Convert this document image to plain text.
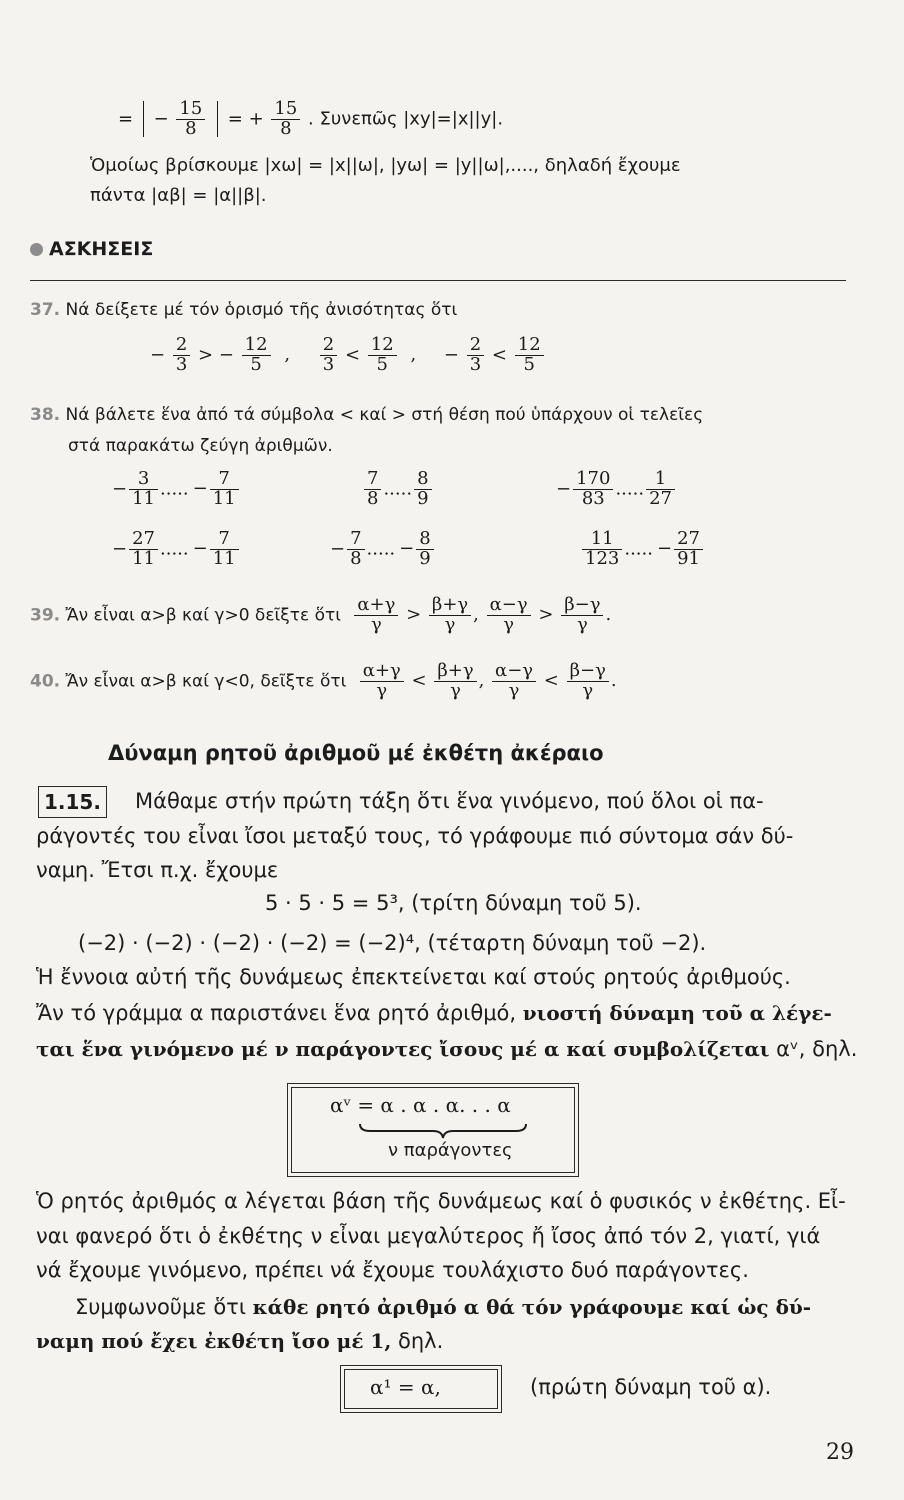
= − $\frac{15}{8}$ = + $\frac{15}{8}$ . Συνεπῶς |xy|=|x||y|.
Ὁμοίως βρίσκουμε |xω| = |x||ω|, |yω| = |y||ω|,...., δηλαδή ἔχουμε
πάντα |αβ| = |α||β|.
ΑΣΚΗΣΕΙΣ
37. Νά δείξετε μέ τόν ὁρισμό τῆς ἀνισότητας ὅτι
− $\frac{2}{3}$ > − $\frac{12}{5}$ , $\frac{2}{3} < \frac{12}{5}$ , − $\frac{2}{3} < \frac{12}{5}$
38. Νά βάλετε ἕνα ἀπό τά σύμβολα < καί > στή θέση πού ὑπάρχουν οἱ τελεῖες
στά παρακάτω ζεύγη ἀριθμῶν.
− $\frac{3}{11}$ ..... − $\frac{7}{11}$	$\frac{7}{8}$ ..... $\frac{8}{9}$	− $\frac{170}{83}$ ..... $\frac{1}{27}$
− $\frac{27}{11}$ ..... − $\frac{7}{11}$	− $\frac{7}{8}$ ..... − $\frac{8}{9}$	$\frac{11}{123}$ ..... − $\frac{27}{91}$
39. Ἄν εἶναι α>β καί γ>0 δεῖξτε ὅτι $\frac{\alpha+\gamma}{\gamma} > \frac{\beta+\gamma}{\gamma}$ , $\frac{\alpha-\gamma}{\gamma} > \frac{\beta-\gamma}{\gamma}$ .
40. Ἄν εἶναι α>β καί γ<0, δεῖξτε ὅτι $\frac{\alpha+\gamma}{\gamma} < \frac{\beta+\gamma}{\gamma}$ , $\frac{\alpha-\gamma}{\gamma} < \frac{\beta-\gamma}{\gamma}$ .
Δύναμη ρητοῦ ἀριθμοῦ μέ ἐκθέτη ἀκέραιο
1.15. Μάθαμε στήν πρώτη τάξη ὅτι ἕνα γινόμενο, πού ὅλοι οἱ πα-
ράγοντές του εἶναι ἴσοι μεταξύ τους, τό γράφουμε πιό σύντομα σάν δύ-
ναμη. Ἔτσι π.χ. ἔχουμε
5 · 5 · 5 = 5³, (τρίτη δύναμη τοῦ 5).
(−2) · (−2) · (−2) · (−2) = (−2)⁴, (τέταρτη δύναμη τοῦ −2).
Ἡ ἔννοια αὐτή τῆς δυνάμεως ἐπεκτείνεται καί στούς ρητούς ἀριθμούς.
Ἄν τό γράμμα α παριστάνει ἕνα ρητό ἀριθμό, νιοστή δύναμη τοῦ α λέγε-
ται ἕνα γινόμενο μέ ν παράγοντες ἴσους μέ α καί συμβολίζεται αᵛ, δηλ.
αᵛ = α . α . α. . . α
ν παράγοντες
Ὁ ρητός ἀριθμός α λέγεται βάση τῆς δυνάμεως καί ὁ φυσικός ν ἐκθέτης. Εἶ-
ναι φανερό ὅτι ὁ ἐκθέτης ν εἶναι μεγαλύτερος ἤ ἴσος ἀπό τόν 2, γιατί, γιά
νά ἔχουμε γινόμενο, πρέπει νά ἔχουμε τουλάχιστο δυό παράγοντες.
Συμφωνοῦμε ὅτι κάθε ρητό ἀριθμό α θά τόν γράφουμε καί ὡς δύ-
ναμη πού ἔχει ἐκθέτη ἴσο μέ 1, δηλ.
α¹ = α,	(πρώτη δύναμη τοῦ α).
29
